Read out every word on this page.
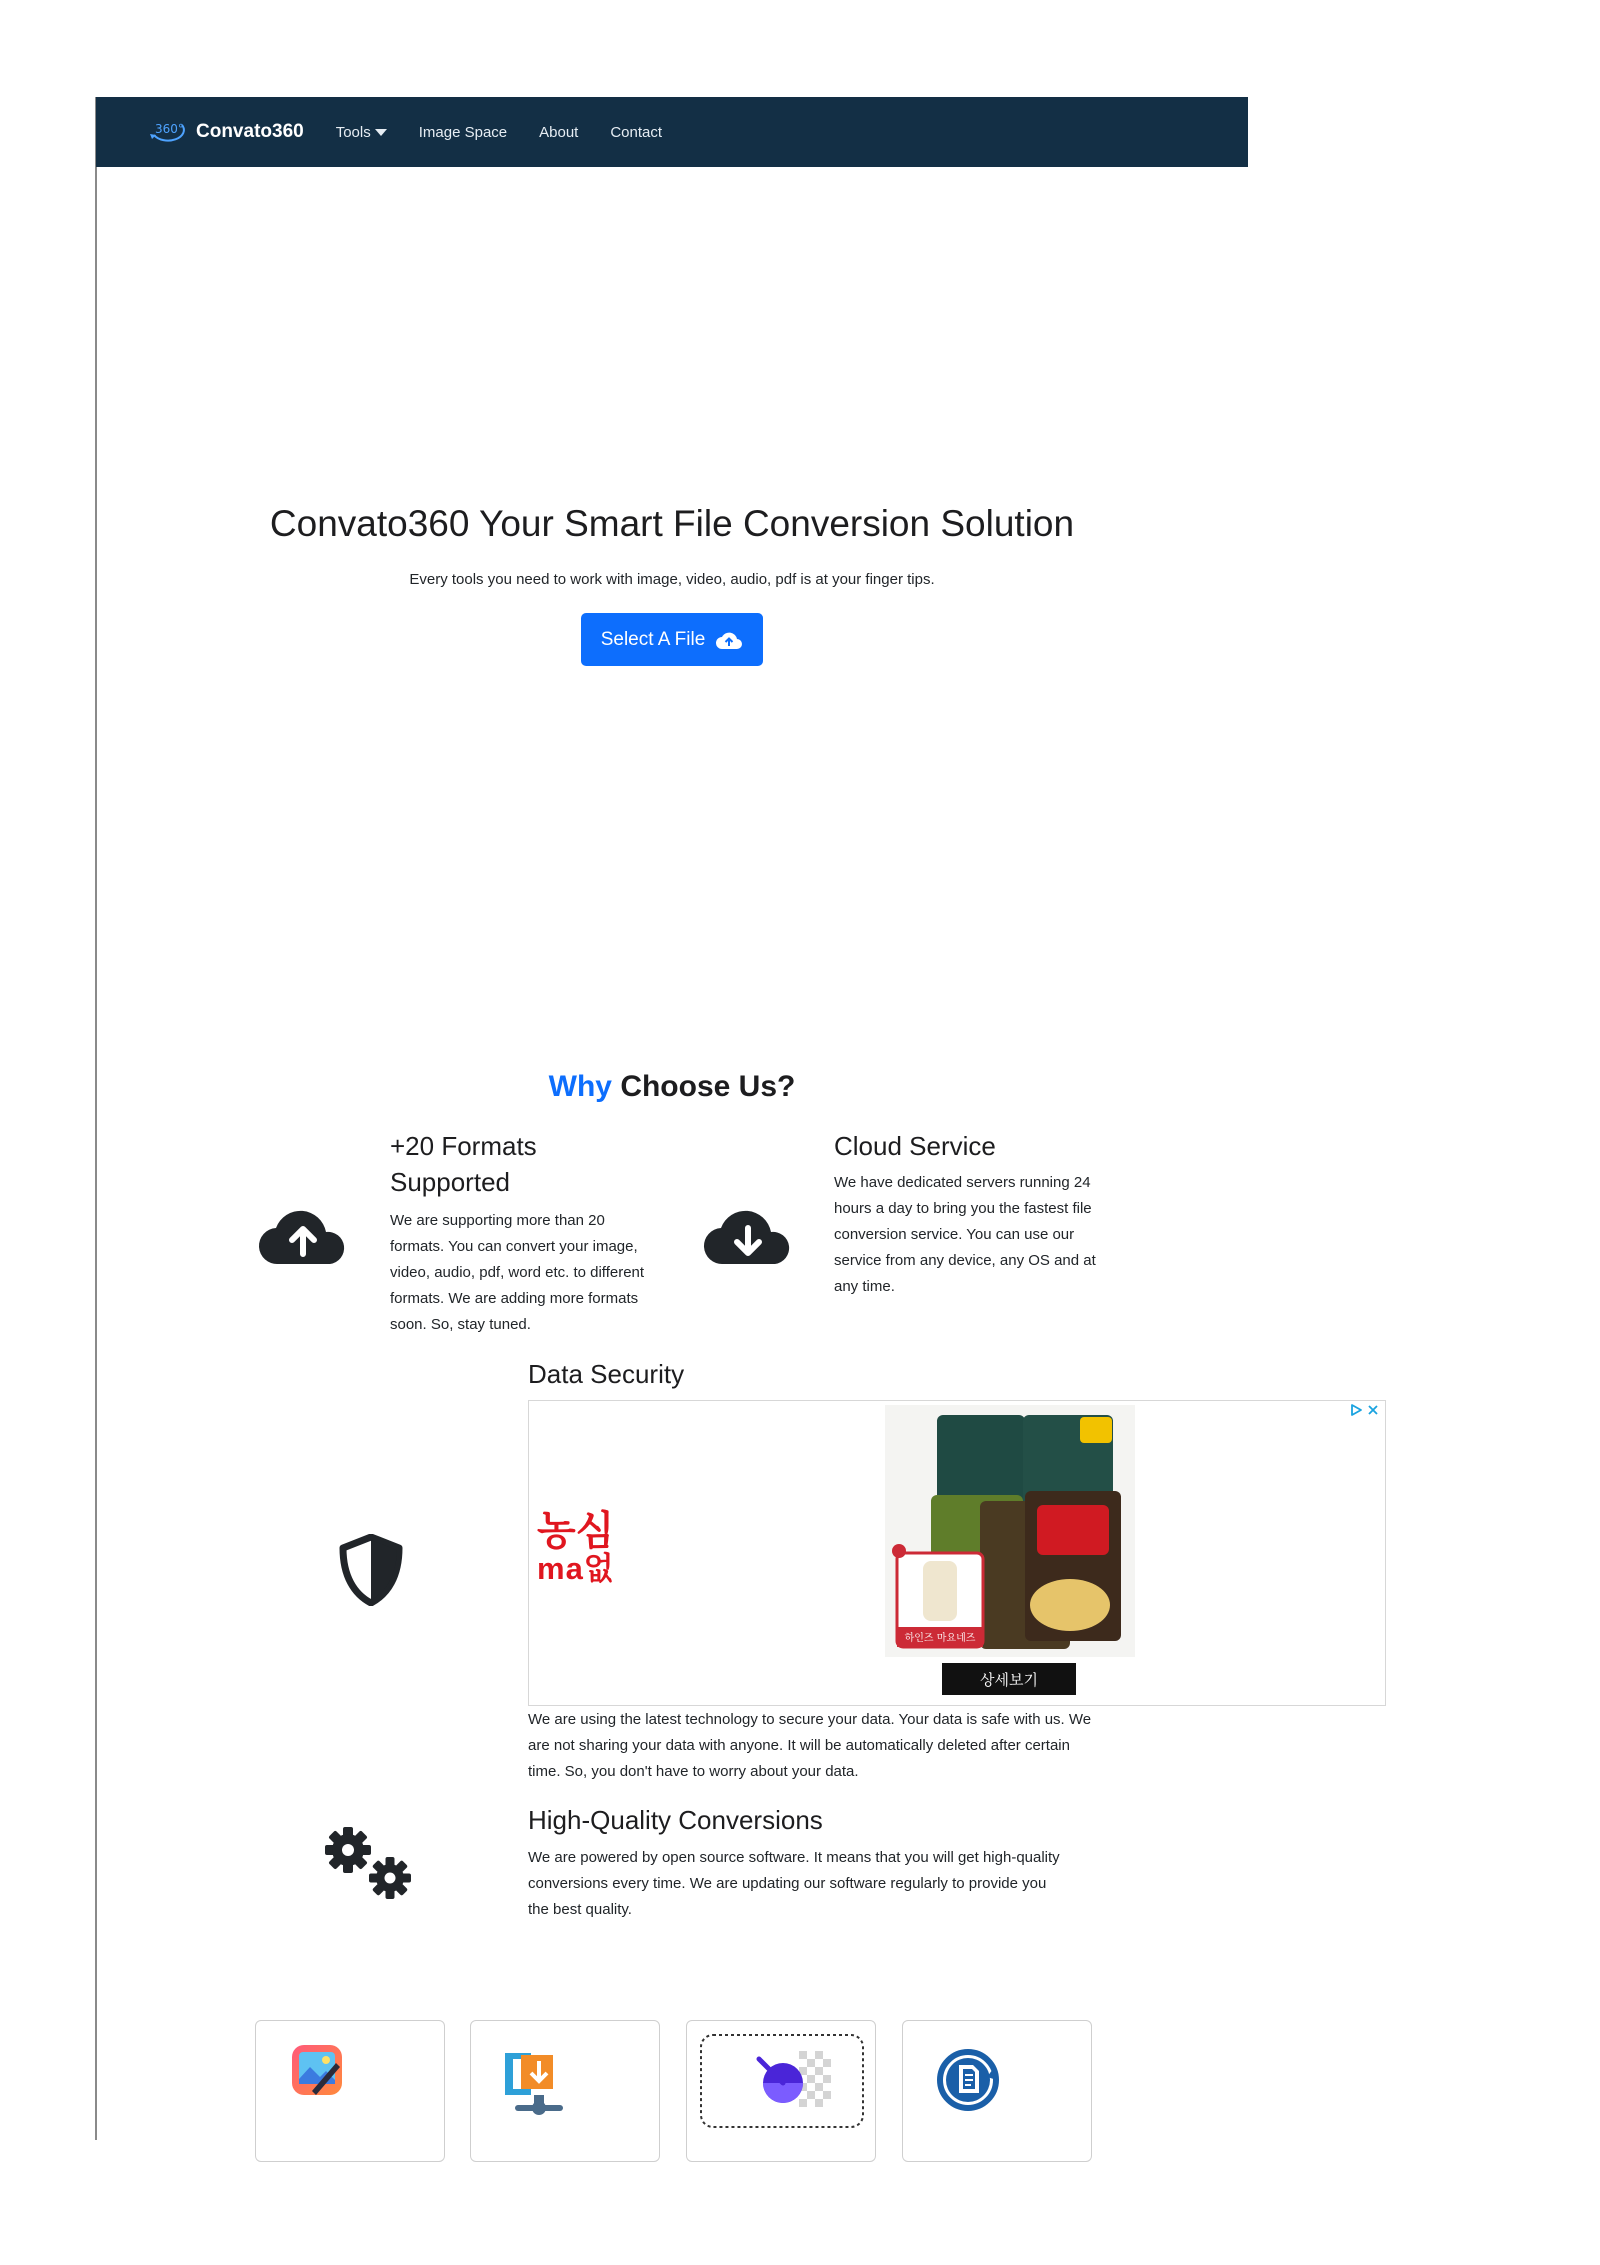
360° Convato360 Tools	Image Space About Contact
Convato360 Your Smart File Conversion Solution

Every tools you need to work with image, video, audio, pdf is at your finger tips.

Select A File
Why Choose Us?
+20 Formats Supported

We are supporting more than 20 formats. You can convert your image, video, audio, pdf, word etc. to different formats. We are adding more formats soon. So, stay tuned.

Cloud Service

We have dedicated servers running 24 hours a day to bring you the fastest file conversion service. You can use our service from any device, any OS and at any time.

Data Security
농심
ma없
하인즈 마요네즈
상세보기

We are using the latest technology to secure your data. Your data is safe with us. We are not sharing your data with anyone. It will be automatically deleted after certain time. So, you don't have to worry about your data.

High-Quality Conversions

We are powered by open source software. It means that you will get high-quality conversions every time. We are updating our software regularly to provide you the best quality.
